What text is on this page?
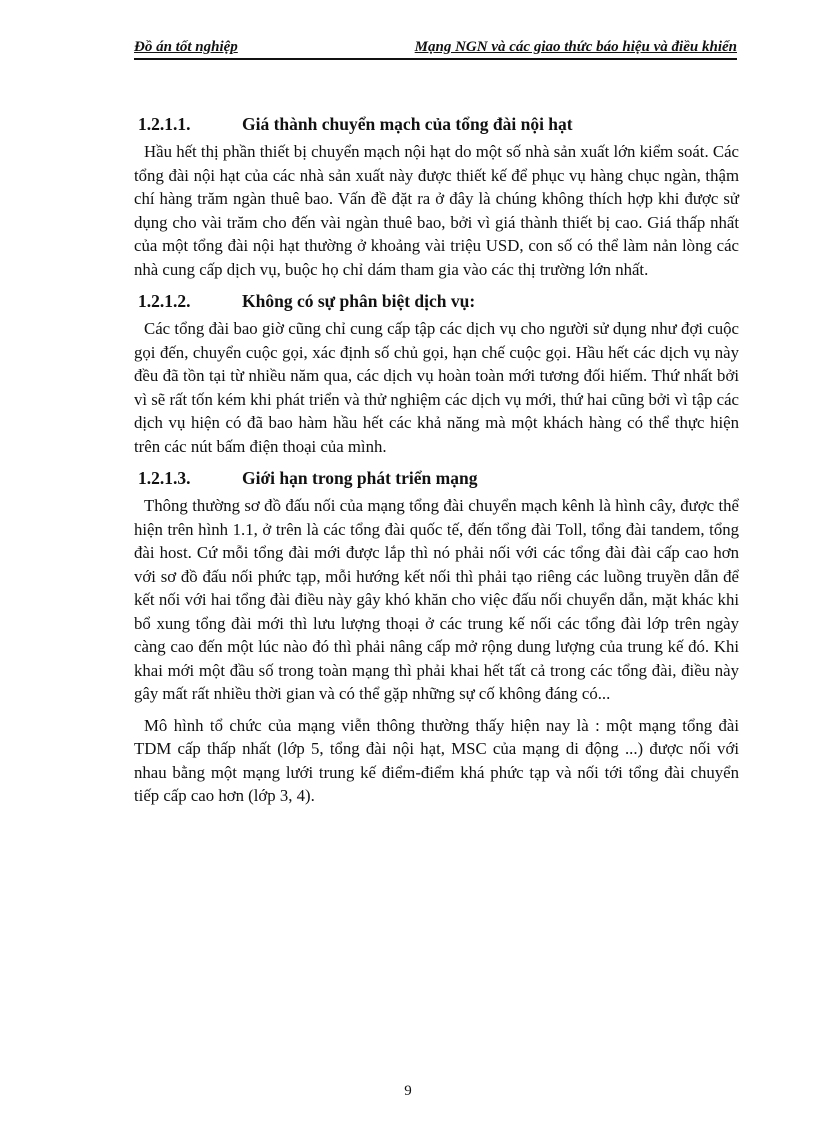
Đồ án tốt nghiệp	Mạng NGN và các giao thức báo hiệu và điều khiển
1.2.1.1.	Giá thành chuyển mạch của tổng đài nội hạt

Hầu hết thị phần thiết bị chuyển mạch nội hạt do một số nhà sản xuất lớn kiểm soát. Các tổng đài nội hạt của các nhà sản xuất này được thiết kế để phục vụ hàng chục ngàn, thậm chí hàng trăm ngàn thuê bao. Vấn đề đặt ra ở đây là chúng không thích hợp khi được sử dụng cho vài trăm cho đến vài ngàn thuê bao, bởi vì giá thành thiết bị cao. Giá thấp nhất của một tổng đài nội hạt thường ở khoảng vài triệu USD, con số có thể làm nản lòng các nhà cung cấp dịch vụ, buộc họ chỉ dám tham gia vào các thị trường lớn nhất.

1.2.1.2.	Không có sự phân biệt dịch vụ:

Các tổng đài bao giờ cũng chỉ cung cấp tập các dịch vụ cho người sử dụng như đợi cuộc gọi đến, chuyển cuộc gọi, xác định số chủ gọi, hạn chế cuộc gọi. Hầu hết các dịch vụ này đều đã tồn tại từ nhiều năm qua, các dịch vụ hoàn toàn mới tương đối hiếm. Thứ nhất bởi vì sẽ rất tốn kém khi phát triển và thử nghiệm các dịch vụ mới, thứ hai cũng bởi vì tập các dịch vụ hiện có đã bao hàm hầu hết các khả năng mà một khách hàng có thể thực hiện trên các nút bấm điện thoại của mình.

1.2.1.3.	Giới hạn trong phát triển mạng

Thông thường sơ đồ đấu nối của mạng tổng đài chuyển mạch kênh là hình cây, được thể hiện trên hình 1.1, ở trên là các tổng đài quốc tế, đến tổng đài Toll, tổng đài tandem, tổng đài host. Cứ mỗi tổng đài mới được lắp thì nó phải nối với các tổng đài đài cấp cao hơn với sơ đồ đấu nối phức tạp, mỗi hướng kết nối thì phải tạo riêng các luồng truyền dẫn để kết nối với hai tổng đài điều này gây khó khăn cho việc đấu nối chuyển dẫn, mặt khác khi bổ xung tổng đài mới thì lưu lượng thoại ở các trung kế nối các tổng đài lớp trên ngày càng cao đến một lúc nào đó thì phải nâng cấp mở rộng dung lượng của trung kế đó. Khi khai mới một đầu số trong toàn mạng thì phải khai hết tất cả trong các tổng đài, điều này gây mất rất nhiều thời gian và có thể gặp những sự cố không đáng có...

Mô hình tổ chức của mạng viễn thông thường thấy hiện nay là : một mạng tổng đài TDM cấp thấp nhất (lớp 5, tổng đài nội hạt, MSC của mạng di động ...) được nối với nhau bằng một mạng lưới trung kế điểm-điểm khá phức tạp và nối tới tổng đài chuyển tiếp cấp cao hơn (lớp 3, 4).

9
